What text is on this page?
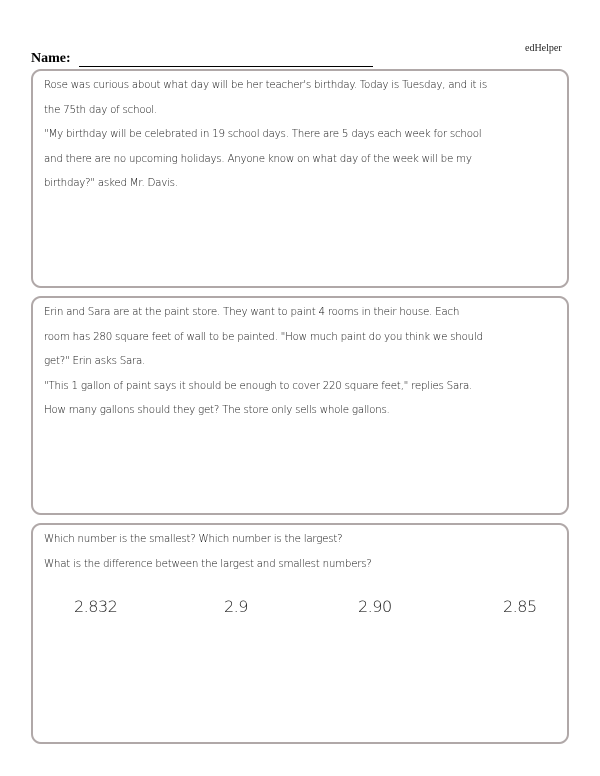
edHelper
Name:

Rose was curious about what day will be her teacher's birthday. Today is Tuesday, and it is

the 75th day of school.

"My birthday will be celebrated in 19 school days. There are 5 days each week for school

and there are no upcoming holidays. Anyone know on what day of the week will be my

birthday?" asked Mr. Davis.

Erin and Sara are at the paint store. They want to paint 4 rooms in their house. Each

room has 280 square feet of wall to be painted. "How much paint do you think we should

get?" Erin asks Sara.

"This 1 gallon of paint says it should be enough to cover 220 square feet," replies Sara.

How many gallons should they get? The store only sells whole gallons.

Which number is the smallest? Which number is the largest?

What is the difference between the largest and smallest numbers?

2.832	2.9	2.90	2.85
